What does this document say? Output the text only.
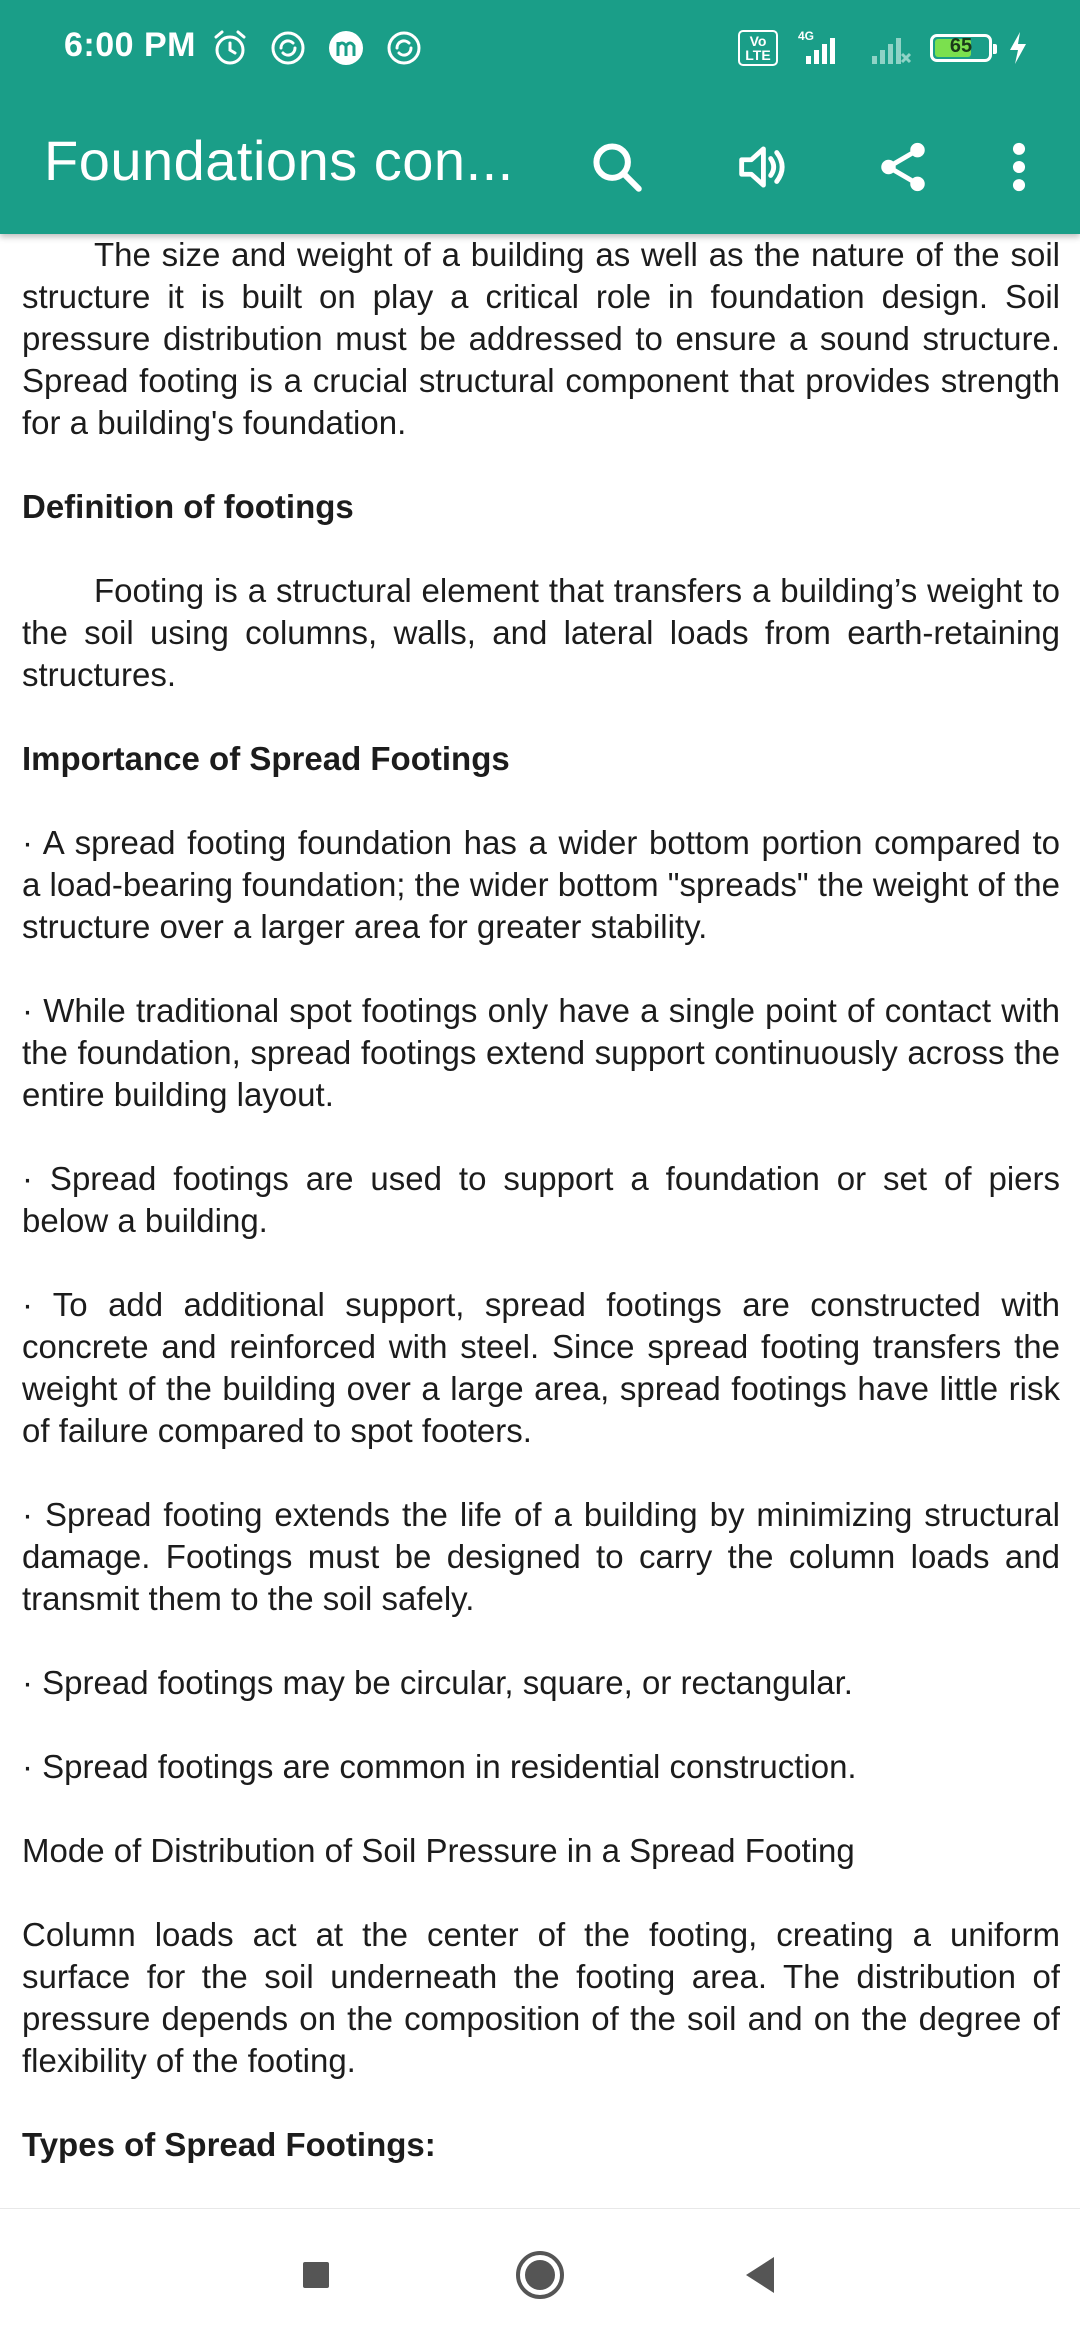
6:00 PM	Vo LTE
4G	65
Foundations con...

The size and weight of a building as well as the nature of the soil structure it is built on play a critical role in foundation design. Soil pressure distribution must be addressed to ensure a sound structure. Spread footing is a crucial structural component that provides strength for a building's foundation.

Definition of footings

Footing is a structural element that transfers a building’s weight to the soil using columns, walls, and lateral loads from earth-retaining structures.

Importance of Spread Footings

· A spread footing foundation has a wider bottom portion compared to a load-bearing foundation; the wider bottom "spreads" the weight of the structure over a larger area for greater stability.

· While traditional spot footings only have a single point of contact with the foundation, spread footings extend support continuously across the entire building layout.

· Spread footings are used to support a foundation or set of piers below a building.

· To add additional support, spread footings are constructed with concrete and reinforced with steel. Since spread footing transfers the weight of the building over a large area, spread footings have little risk of failure compared to spot footers.

· Spread footing extends the life of a building by minimizing structural damage. Footings must be designed to carry the column loads and transmit them to the soil safely.

· Spread footings may be circular, square, or rectangular.

· Spread footings are common in residential construction.

Mode of Distribution of Soil Pressure in a Spread Footing

Column loads act at the center of the footing, creating a uniform surface for the soil underneath the footing area. The distribution of pressure depends on the composition of the soil and on the degree of flexibility of the footing.

Types of Spread Footings:
